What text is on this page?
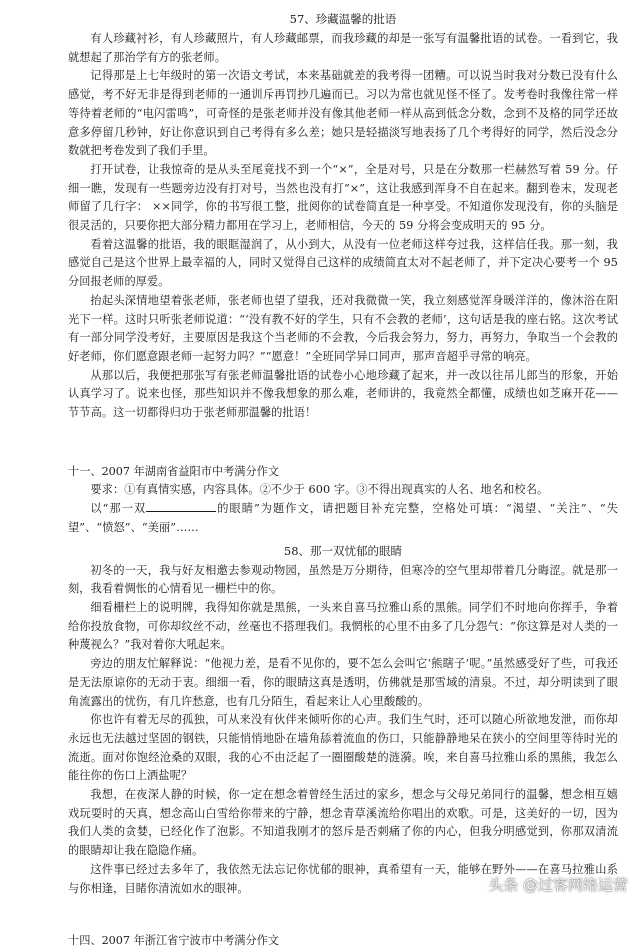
57、珍藏温馨的批语

有人珍藏衬衫，有人珍藏照片，有人珍藏邮票，而我珍藏的却是一张写有温馨批语的试卷。一看到它，我就想起了那治学有方的张老师。

记得那是上七年级时的第一次语文考试，本来基础就差的我考得一团糟。可以说当时我对分数已没有什么感觉，考不好无非是得到老师的一通训斥再罚抄几遍而已。习以为常也就见怪不怪了。发考卷时我像往常一样等待着老师的“电闪雷鸣”，可奇怪的是张老师并没有像其他老师一样从高到低念分数，念到不及格的同学还故意多停留几秒钟，好让你意识到自己考得有多么差；她只是轻描淡写地表扬了几个考得好的同学，然后没念分数就把考卷发到了我们手里。

打开试卷，让我惊奇的是从头至尾竟找不到一个“×”，全是对号，只是在分数那一栏赫然写着 59 分。仔细一瞧，发现有一些题旁边没有打对号，当然也没有打“×”，这让我感到浑身不自在起来。翻到卷末，发现老师留了几行字： ××同学，你的书写很工整，批阅你的试卷简直是一种享受。不知道你发现没有，你的头脑是很灵活的，只要你把大部分精力都用在学习上，老师相信，今天的 59 分将会变成明天的 95 分。

看着这温馨的批语，我的眼眶湿润了，从小到大，从没有一位老师这样夸过我，这样信任我。那一刻，我感觉自己是这个世界上最幸福的人，同时又觉得自己这样的成绩简直太对不起老师了，并下定决心要考一个 95 分回报老师的厚爱。

抬起头深情地望着张老师，张老师也望了望我，还对我微微一笑，我立刻感觉浑身暖洋洋的，像沐浴在阳光下一样。这时只听张老师说道：“‘没有教不好的学生，只有不会教的老师’，这句话是我的座右铭。这次考试有一部分同学没考好，主要原因是我这个当老师的不会教，今后我会努力，努力，再努力，争取当一个会教的好老师，你们愿意跟老师一起努力吗？”“愿意！”全班同学异口同声，那声音超乎寻常的响亮。

从那以后，我便把那张写有张老师温馨批语的试卷小心地珍藏了起来，并一改以往吊儿郎当的形象，开始认真学习了。说来也怪，那些知识并不像我想象的那么难，老师讲的，我竟然全都懂，成绩也如芝麻开花——节节高。这一切都得归功于张老师那温馨的批语！

十一、2007 年湖南省益阳市中考满分作文

要求：①有真情实感，内容具体。②不少于 600 字。③不得出现真实的人名、地名和校名。

以“那一双	的眼睛”为题作文，请把题目补充完整，空格处可填：“渴望、“关注”、“失望”、“愤怒”、“美丽”……

58、那一双忧郁的眼睛

初冬的一天，我与好友相邀去参观动物园，虽然是万分期待，但寒冷的空气里却带着几分晦涩。就是那一刻，我看着惆怅的心情看见一栅栏中的你。

细看栅栏上的说明牌，我得知你就是黑熊，一头来自喜马拉雅山系的黑熊。同学们不时地向你挥手，争着给你投放食物，可你却纹丝不动，丝毫也不搭理我们。我惘枨的心里不由多了几分怨气：“你这算是对人类的一种蔑视么？”我对着你大吼起来。

旁边的朋友忙解释说：“他视力差，是看不见你的，要不怎么会叫它‘熊瞎子’呢。”虽然感受好了些，可我还是无法原谅你的无动于衷。细细一看，你的眼睛这真是透明，仿佛就是那雪域的清泉。不过，却分明读到了眼角流露出的忧伤，有几许愁意，也有几分陌生，看起来让人心里酸酸的。

你也许有着无尽的孤独，可从来没有伙伴来倾听你的心声。我们生气时，还可以随心所欲地发泄，而你却永远也无法越过坚固的钢铁，只能悄悄地卧在墙角舔着流血的伤口，只能静静地呆在狭小的空间里等待时光的流逝。面对你饱经沧桑的双眼，我的心不由泛起了一圈圈酸楚的涟漪。唉，来自喜马拉雅山系的黑熊，我怎么能往你的伤口上洒盐呢？

我想，在夜深人静的时候，你一定在想念着曾经生活过的家乡，想念与父母兄弟同行的温馨，想念相互嬉戏玩耍时的天真，想念高山白雪给你带来的宁静，想念青草溪流给你唱出的欢歌。可是，这美好的一切，因为我们人类的贪婪，已经化作了泡影。不知道我刚才的怒斥是否刺痛了你的内心，但我分明感觉到，你那双清流的眼睛却让我在隐隐作痛。

这件事已经过去多年了，我依然无法忘记你忧郁的眼神，真希望有一天，能够在野外——在喜马拉雅山系与你相逢，目睹你清流如水的眼神。

十四、2007 年浙江省宁波市中考满分作文

头条 @过客网络运营
